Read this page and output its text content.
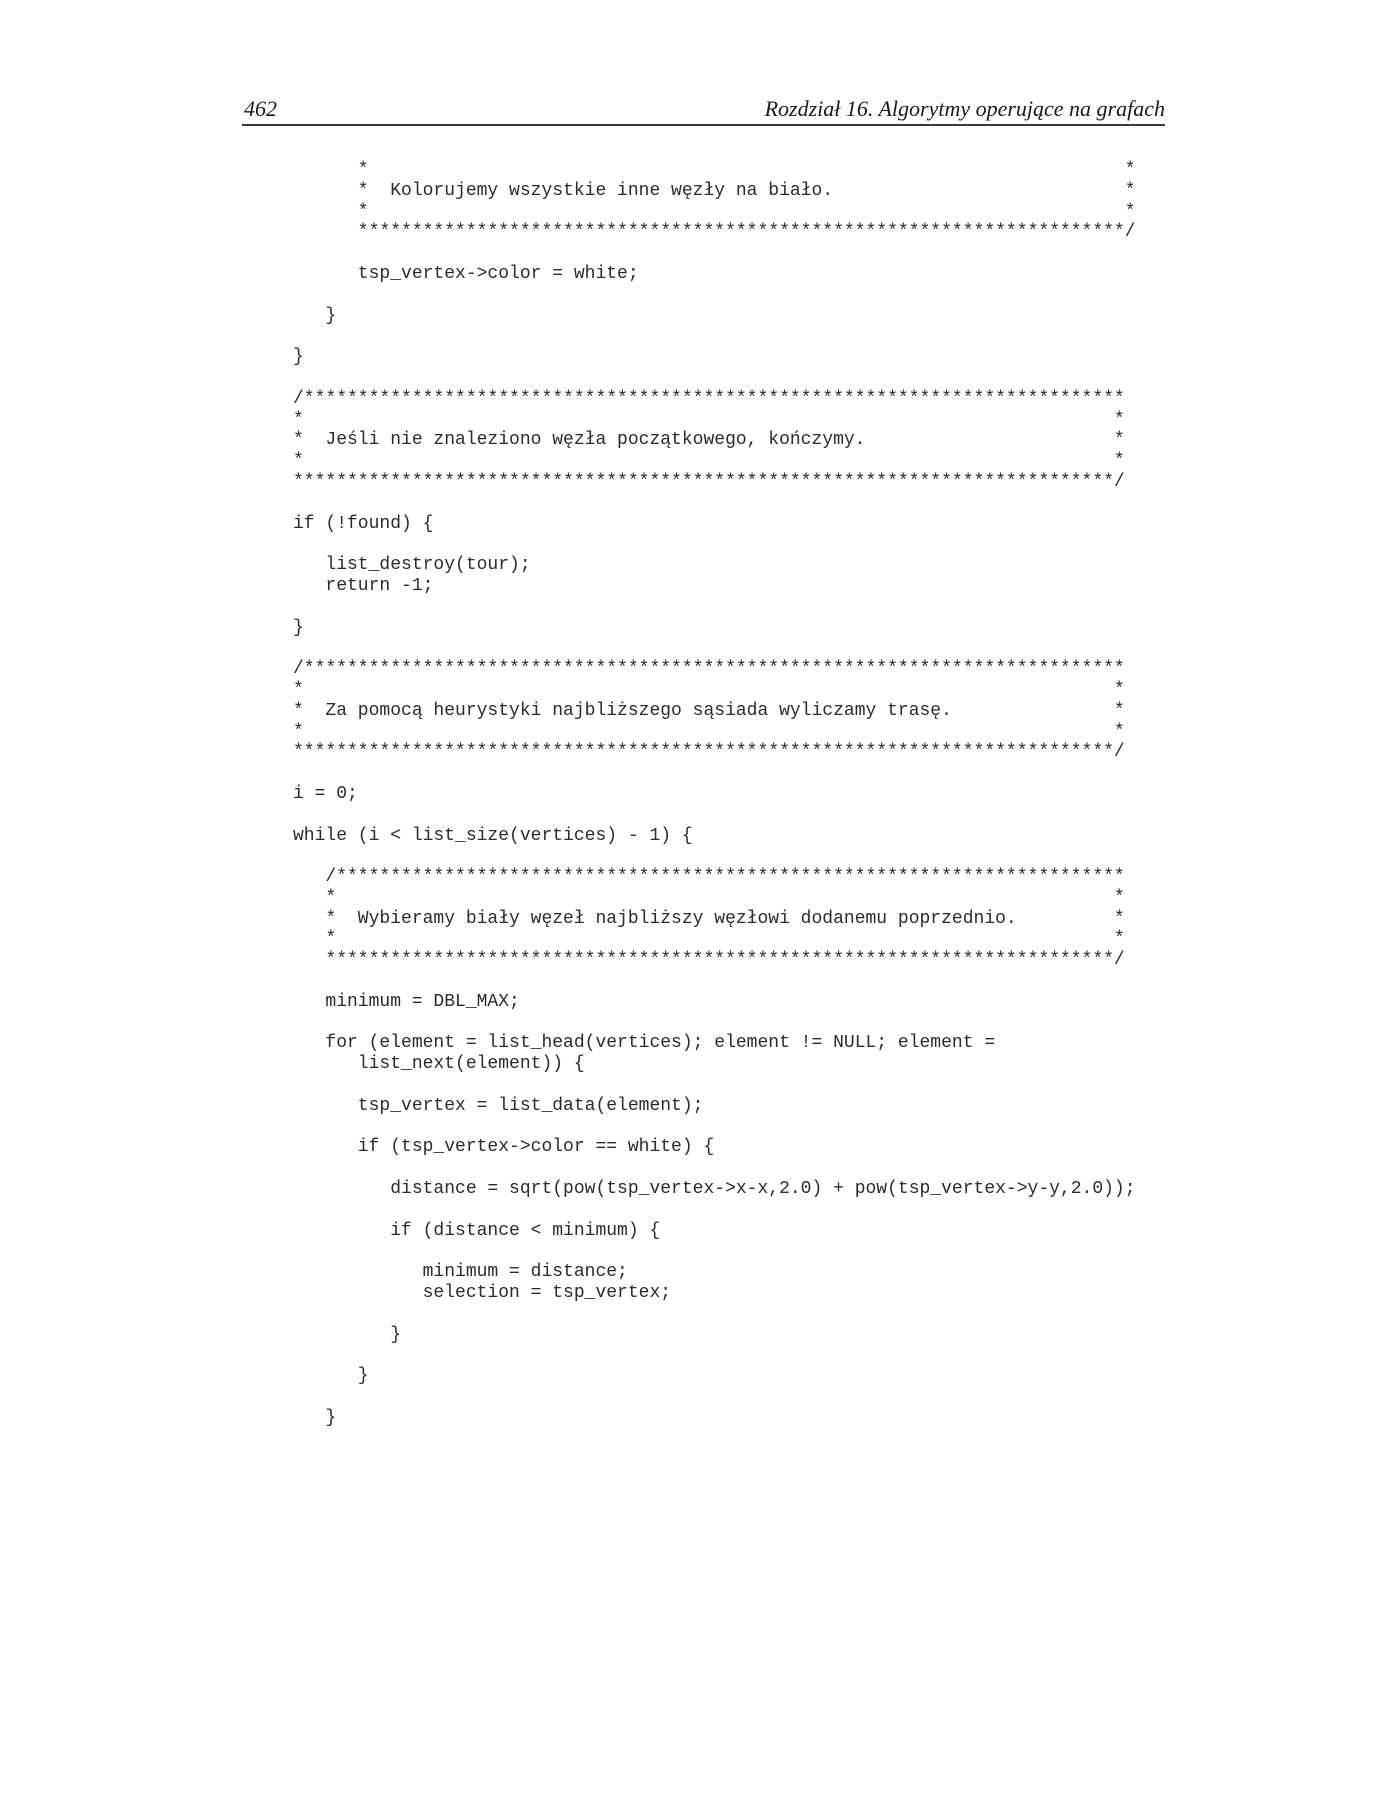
462	Rozdział 16. Algorytmy operujące na grafach
*                                                                      *
*  Kolorujemy wszystkie inne węzły na biało.                           *
*                                                                      *
***********************************************************************/

tsp_vertex->color = white;

}

}

/****************************************************************************
*                                                                           *
*  Jeśli nie znaleziono węzła początkowego, kończymy.                       *
*                                                                           *
****************************************************************************/

if (!found) {

list_destroy(tour);
return -1;

}

/****************************************************************************
*                                                                           *
*  Za pomocą heurystyki najbliższego sąsiada wyliczamy trasę.               *
*                                                                           *
****************************************************************************/

i = 0;

while (i < list_size(vertices) - 1) {

/*************************************************************************
*                                                                        *
*  Wybieramy biały węzeł najbliższy węzłowi dodanemu poprzednio.         *
*                                                                        *
*************************************************************************/

minimum = DBL_MAX;

for (element = list_head(vertices); element != NULL; element =
list_next(element)) {

tsp_vertex = list_data(element);

if (tsp_vertex->color == white) {

distance = sqrt(pow(tsp_vertex->x-x,2.0) + pow(tsp_vertex->y-y,2.0));

if (distance < minimum) {

minimum = distance;
selection = tsp_vertex;

}

}

}
